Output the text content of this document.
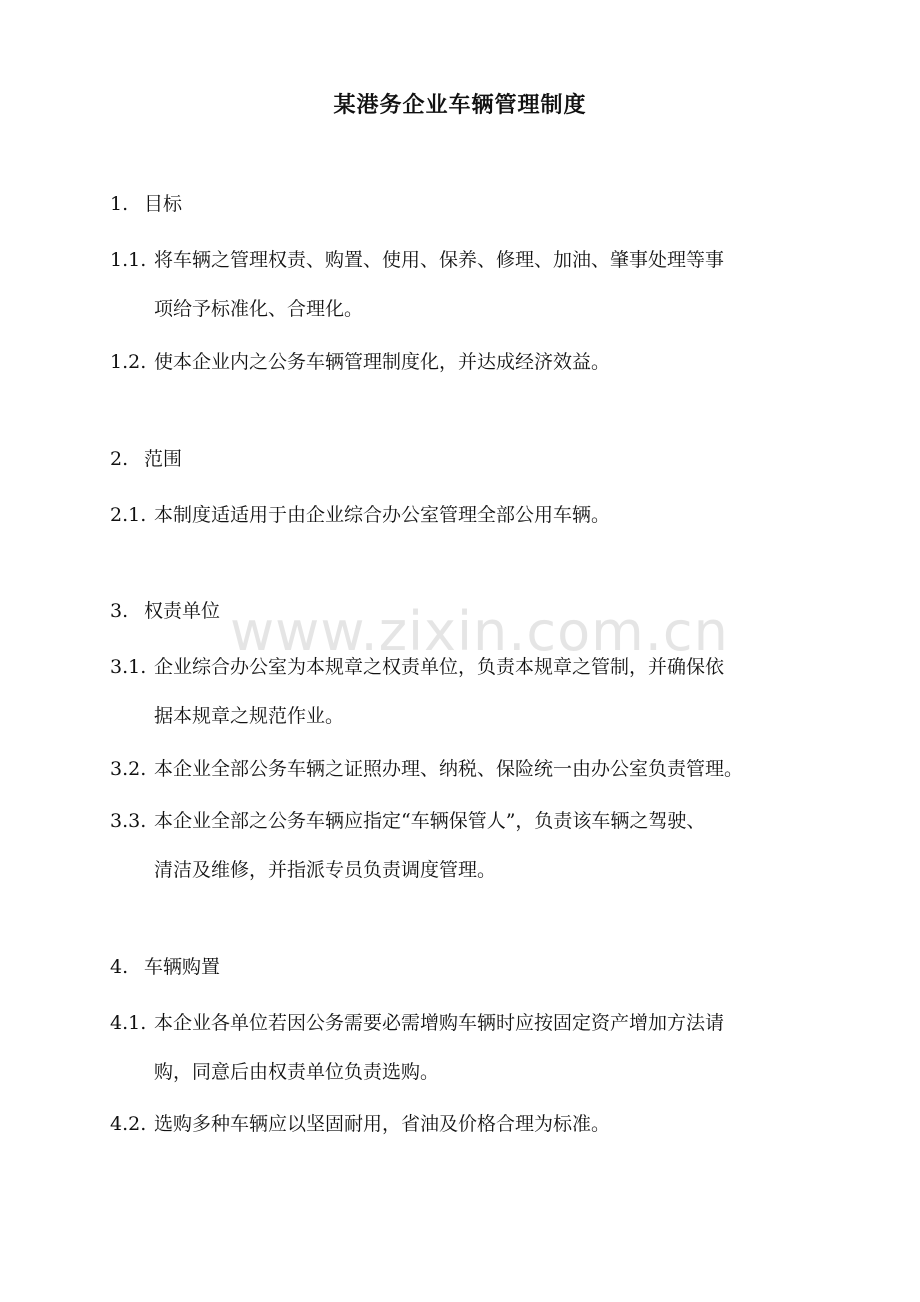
某港务企业车辆管理制度
1. 目标
1.1. 将车辆之管理权责、购置、使用、保养、修理、加油、肇事处理等事
项给予标准化、合理化。
1.2. 使本企业内之公务车辆管理制度化，并达成经济效益。
2. 范围
2.1. 本制度适适用于由企业综合办公室管理全部公用车辆。
3. 权责单位
3.1. 企业综合办公室为本规章之权责单位，负责本规章之管制，并确保依
据本规章之规范作业。
3.2. 本企业全部公务车辆之证照办理、纳税、保险统一由办公室负责管理。
3.3. 本企业全部之公务车辆应指定“车辆保管人”，负责该车辆之驾驶、
清洁及维修，并指派专员负责调度管理。
4. 车辆购置
4.1. 本企业各单位若因公务需要必需增购车辆时应按固定资产增加方法请
购，同意后由权责单位负责选购。
4.2. 选购多种车辆应以坚固耐用，省油及价格合理为标准。
www.zixin.com.cn
